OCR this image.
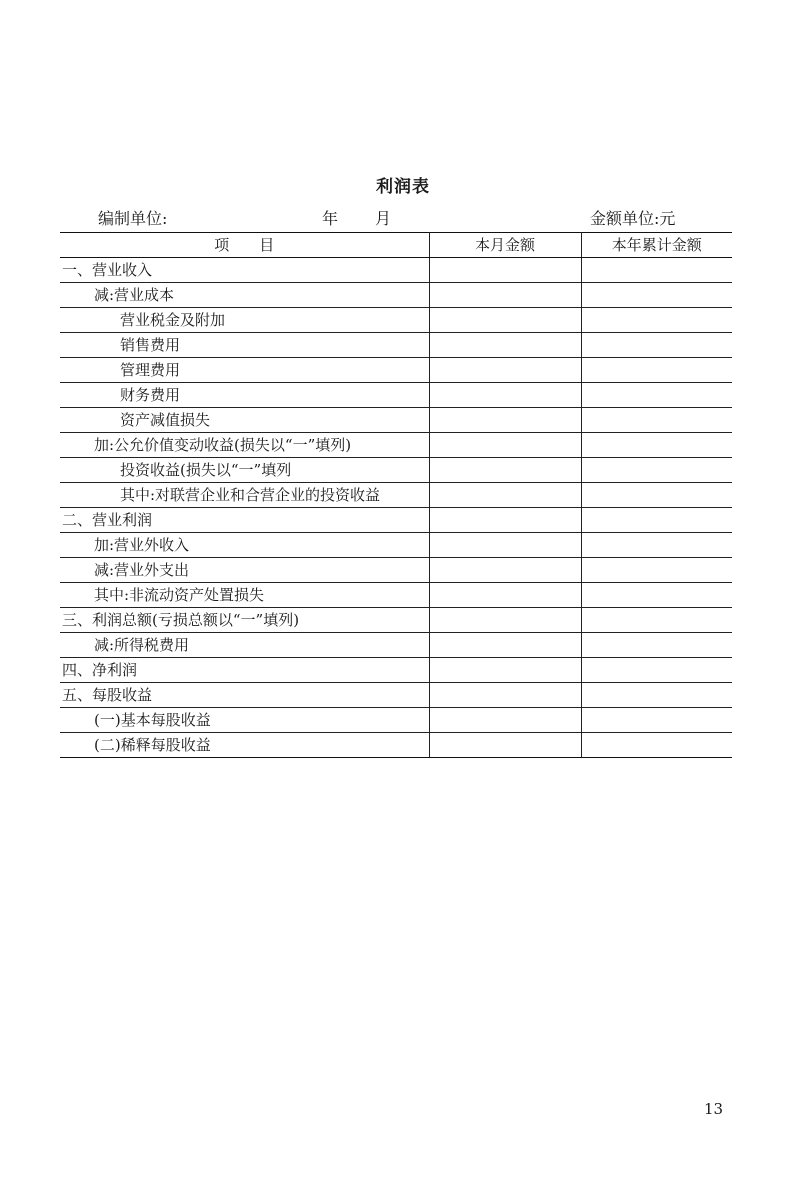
利润表
编制单位:	年 月	金额单位:元
项　　目	本月金额	本年累计金额
一、营业收入		
减:营业成本		
营业税金及附加		
销售费用		
管理费用		
财务费用		
资产减值损失		
加:公允价值变动收益(损失以“一”填列)		
投资收益(损失以“一”填列		
其中:对联营企业和合营企业的投资收益		
二、营业利润		
加:营业外收入		
减:营业外支出		
其中:非流动资产处置损失		
三、利润总额(亏损总额以“一”填列)		
减:所得税费用		
四、净利润		
五、每股收益		
(一)基本每股收益		
(二)稀释每股收益		
13
